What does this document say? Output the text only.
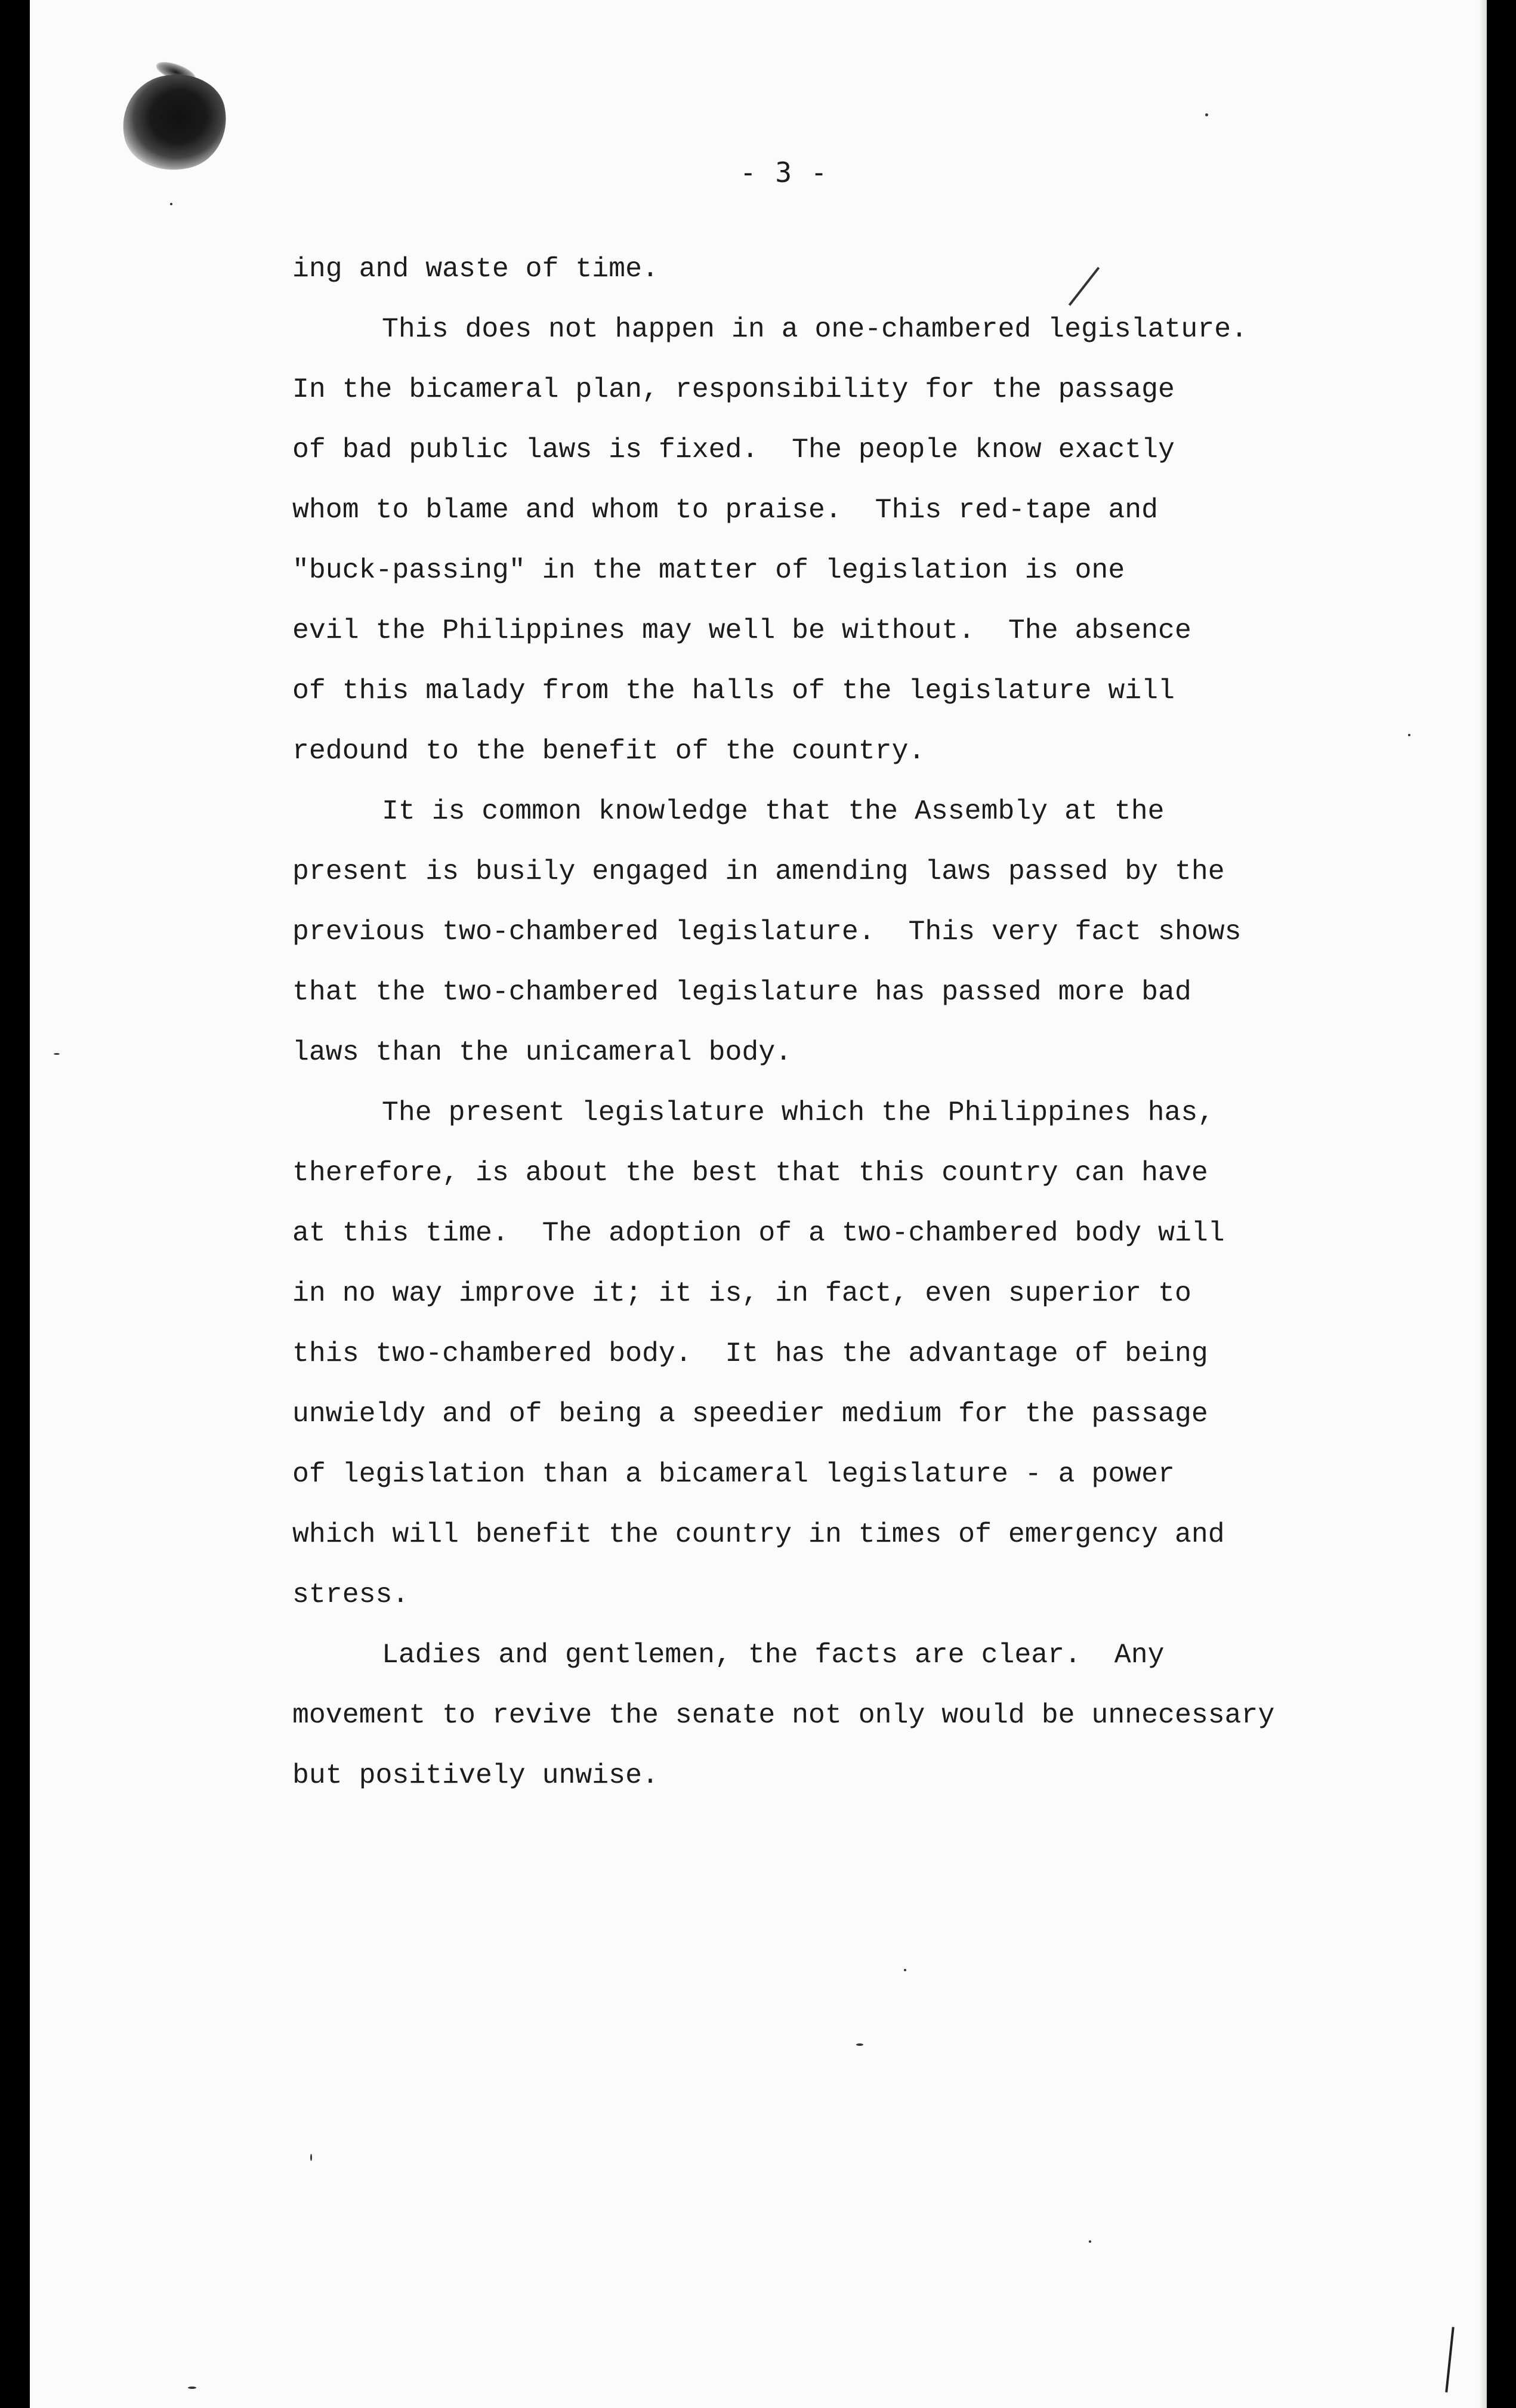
- 3 -
ing and waste of time.
This does not happen in a one-chambered legislature.
In the bicameral plan, responsibility for the passage
of bad public laws is fixed.  The people know exactly
whom to blame and whom to praise.  This red-tape and
"buck-passing" in the matter of legislation is one
evil the Philippines may well be without.  The absence
of this malady from the halls of the legislature will
redound to the benefit of the country.
It is common knowledge that the Assembly at the
present is busily engaged in amending laws passed by the
previous two-chambered legislature.  This very fact shows
that the two-chambered legislature has passed more bad
laws than the unicameral body.
The present legislature which the Philippines has,
therefore, is about the best that this country can have
at this time.  The adoption of a two-chambered body will
in no way improve it; it is, in fact, even superior to
this two-chambered body.  It has the advantage of being
unwieldy and of being a speedier medium for the passage
of legislation than a bicameral legislature - a power
which will benefit the country in times of emergency and
stress.
Ladies and gentlemen, the facts are clear.  Any
movement to revive the senate not only would be unnecessary
but positively unwise.
